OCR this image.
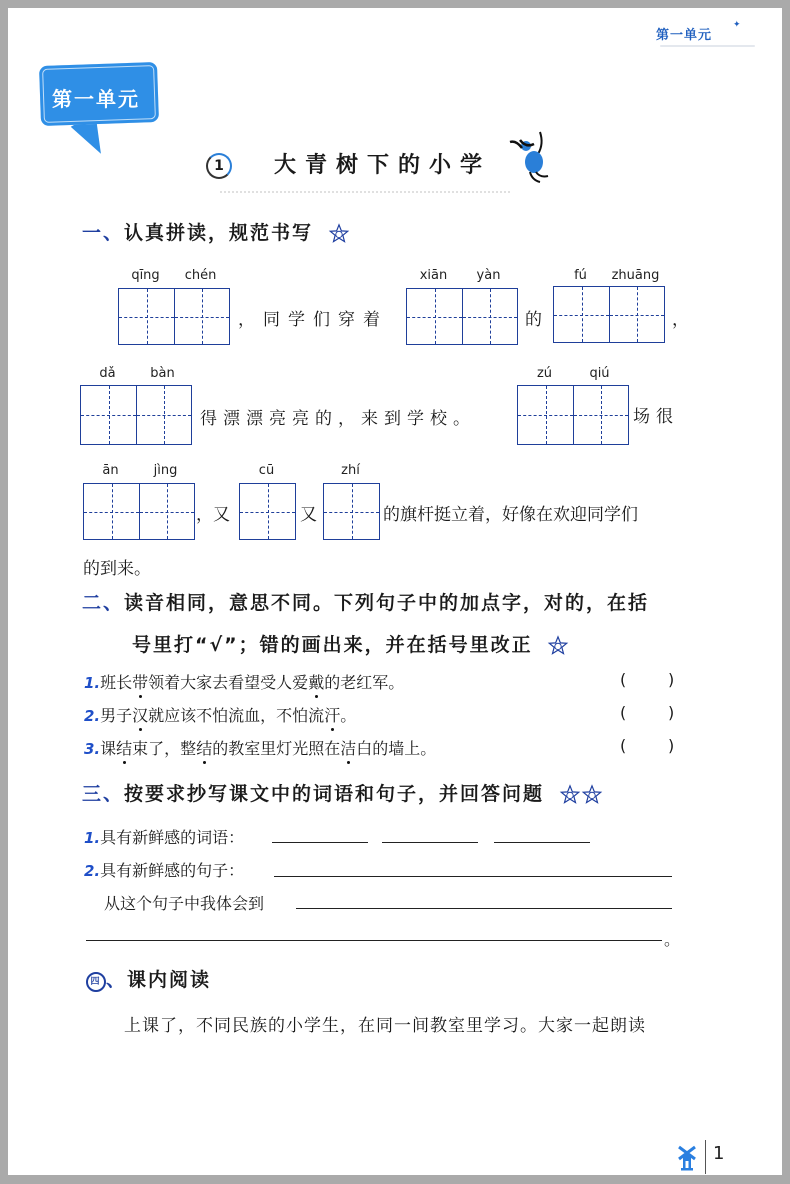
第一单元
✦
第一单元
1	大青树下的小学
一、认真拼读，规范书写
qīng	chén
，同学们穿着
xiān	yàn
的
fú	zhuāng
，
dǎ	bàn
得漂漂亮亮的，来到学校。
zú	qiú
场很
ān	jìng
，又
cū
又
zhí
的旗杆挺立着，好像在欢迎同学们
的到来。
二、读音相同，意思不同。下列句子中的加点字，对的，在括
号里打“√”；错的画出来，并在括号里改正
1.班长带领着大家去看望受人爱戴的老红军。	(	)
2.男子汉就应该不怕流血，不怕流汗。	(	)
3.课结束了，整结的教室里灯光照在洁白的墙上。	(	)
三、按要求抄写课文中的词语和句子，并回答问题
1.具有新鲜感的词语：
2.具有新鲜感的句子：
从这个句子中我体会到
。
四 、课内阅读
上课了，不同民族的小学生，在同一间教室里学习。大家一起朗读
1
